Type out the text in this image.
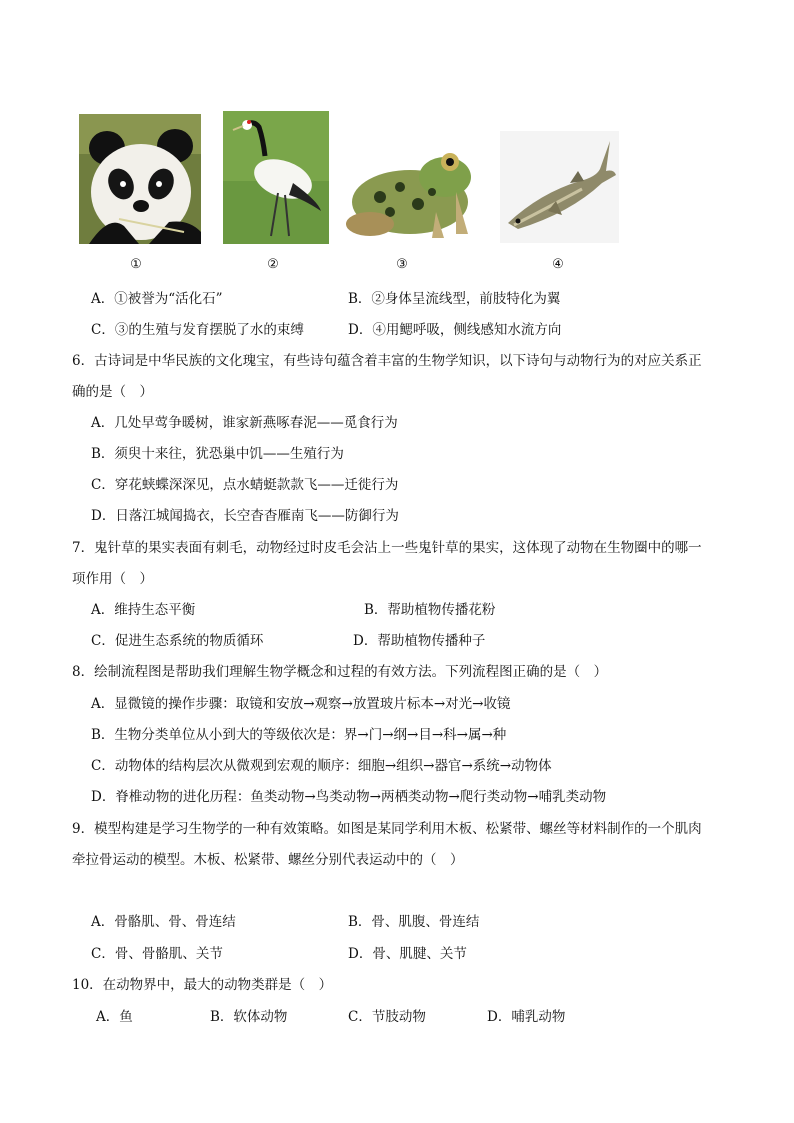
①	②	③	④
A．①被誉为“活化石”	B．②身体呈流线型，前肢特化为翼
C．③的生殖与发育摆脱了水的束缚	D．④用鳃呼吸，侧线感知水流方向
6．古诗词是中华民族的文化瑰宝，有些诗句蕴含着丰富的生物学知识，以下诗句与动物行为的对应关系正
确的是（　）
A．几处早莺争暖树，谁家新燕啄春泥——觅食行为
B．须臾十来往，犹恐巢中饥——生殖行为
C．穿花蛱蝶深深见，点水蜻蜓款款飞——迁徙行为
D．日落江城闻捣衣，长空杳杳雁南飞——防御行为
7．鬼针草的果实表面有刺毛，动物经过时皮毛会沾上一些鬼针草的果实，这体现了动物在生物圈中的哪一
项作用（　）
A．维持生态平衡	B．帮助植物传播花粉
C．促进生态系统的物质循环	D．帮助植物传播种子
8．绘制流程图是帮助我们理解生物学概念和过程的有效方法。下列流程图正确的是（　）
A．显微镜的操作步骤：取镜和安放→观察→放置玻片标本→对光→收镜
B．生物分类单位从小到大的等级依次是：界→门→纲→目→科→属→种
C．动物体的结构层次从微观到宏观的顺序：细胞→组织→器官→系统→动物体
D．脊椎动物的进化历程：鱼类动物→鸟类动物→两栖类动物→爬行类动物→哺乳类动物
9．模型构建是学习生物学的一种有效策略。如图是某同学利用木板、松紧带、螺丝等材料制作的一个肌肉
牵拉骨运动的模型。木板、松紧带、螺丝分别代表运动中的（　）
A．骨骼肌、骨、骨连结	B．骨、肌腹、骨连结
C．骨、骨骼肌、关节	D．骨、肌腱、关节
10．在动物界中，最大的动物类群是（　）
A．鱼	B．软体动物	C．节肢动物	D．哺乳动物
